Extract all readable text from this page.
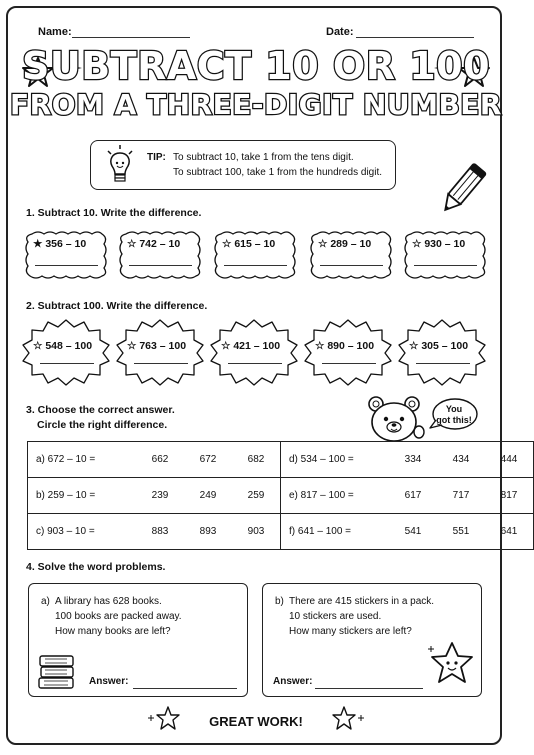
Name:	Date:
SUBTRACT 10 OR 100
FROM A THREE-DIGIT NUMBER
TIP: To subtract 10, take 1 from the tens digit.
To subtract 100, take 1 from the hundreds digit.
1. Subtract 10. Write the difference.
★ 356 – 10	☆ 742 – 10	☆ 615 – 10	☆ 289 – 10	☆ 930 – 10
2. Subtract 100. Write the difference.
☆ 548 – 100	☆ 763 – 100	☆ 421 – 100	☆ 890 – 100	☆ 305 – 100
3. Choose the correct answer.
Circle the right difference.
You
got this!
a) 672 – 10 = 662 672 682	d) 534 – 100 = 334 434 444

b) 259 – 10 = 239 249 259	e) 817 – 100 = 617 717 817

c) 903 – 10 = 883 893 903	f) 641 – 100 = 541 551 641
4. Solve the word problems.
a) A library has 628 books.
100 books are packed away.
How many books are left?
Answer:
b) There are 415 stickers in a pack.
10 stickers are used.
How many stickers are left?
Answer:
GREAT WORK!
